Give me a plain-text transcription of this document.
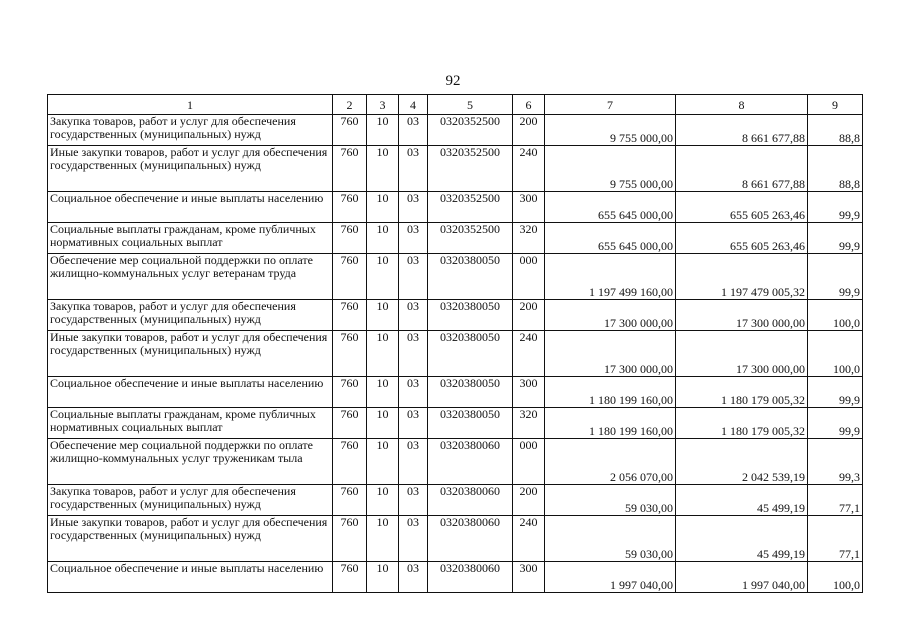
92
1	2	3	4	5	6	7	8	9
Закупка товаров, работ и услуг для обеспечения государственных (муниципальных) нужд	760	10	03	0320352500	200	9 755 000,00	8 661 677,88	88,8
Иные закупки товаров, работ и услуг для обеспечения государственных (муниципальных) нужд	760	10	03	0320352500	240	9 755 000,00	8 661 677,88	88,8
Социальное обеспечение и иные выплаты населению	760	10	03	0320352500	300	655 645 000,00	655 605 263,46	99,9
Социальные выплаты гражданам, кроме публичных нормативных социальных выплат	760	10	03	0320352500	320	655 645 000,00	655 605 263,46	99,9
Обеспечение мер социальной поддержки по оплате жилищно-коммунальных услуг ветеранам труда	760	10	03	0320380050	000	1 197 499 160,00	1 197 479 005,32	99,9
Закупка товаров, работ и услуг для обеспечения государственных (муниципальных) нужд	760	10	03	0320380050	200	17 300 000,00	17 300 000,00	100,0
Иные закупки товаров, работ и услуг для обеспечения государственных (муниципальных) нужд	760	10	03	0320380050	240	17 300 000,00	17 300 000,00	100,0
Социальное обеспечение и иные выплаты населению	760	10	03	0320380050	300	1 180 199 160,00	1 180 179 005,32	99,9
Социальные выплаты гражданам, кроме публичных нормативных социальных выплат	760	10	03	0320380050	320	1 180 199 160,00	1 180 179 005,32	99,9
Обеспечение мер социальной поддержки по оплате жилищно-коммунальных услуг труженикам тыла	760	10	03	0320380060	000	2 056 070,00	2 042 539,19	99,3
Закупка товаров, работ и услуг для обеспечения государственных (муниципальных) нужд	760	10	03	0320380060	200	59 030,00	45 499,19	77,1
Иные закупки товаров, работ и услуг для обеспечения государственных (муниципальных) нужд	760	10	03	0320380060	240	59 030,00	45 499,19	77,1
Социальное обеспечение и иные выплаты населению	760	10	03	0320380060	300	1 997 040,00	1 997 040,00	100,0
